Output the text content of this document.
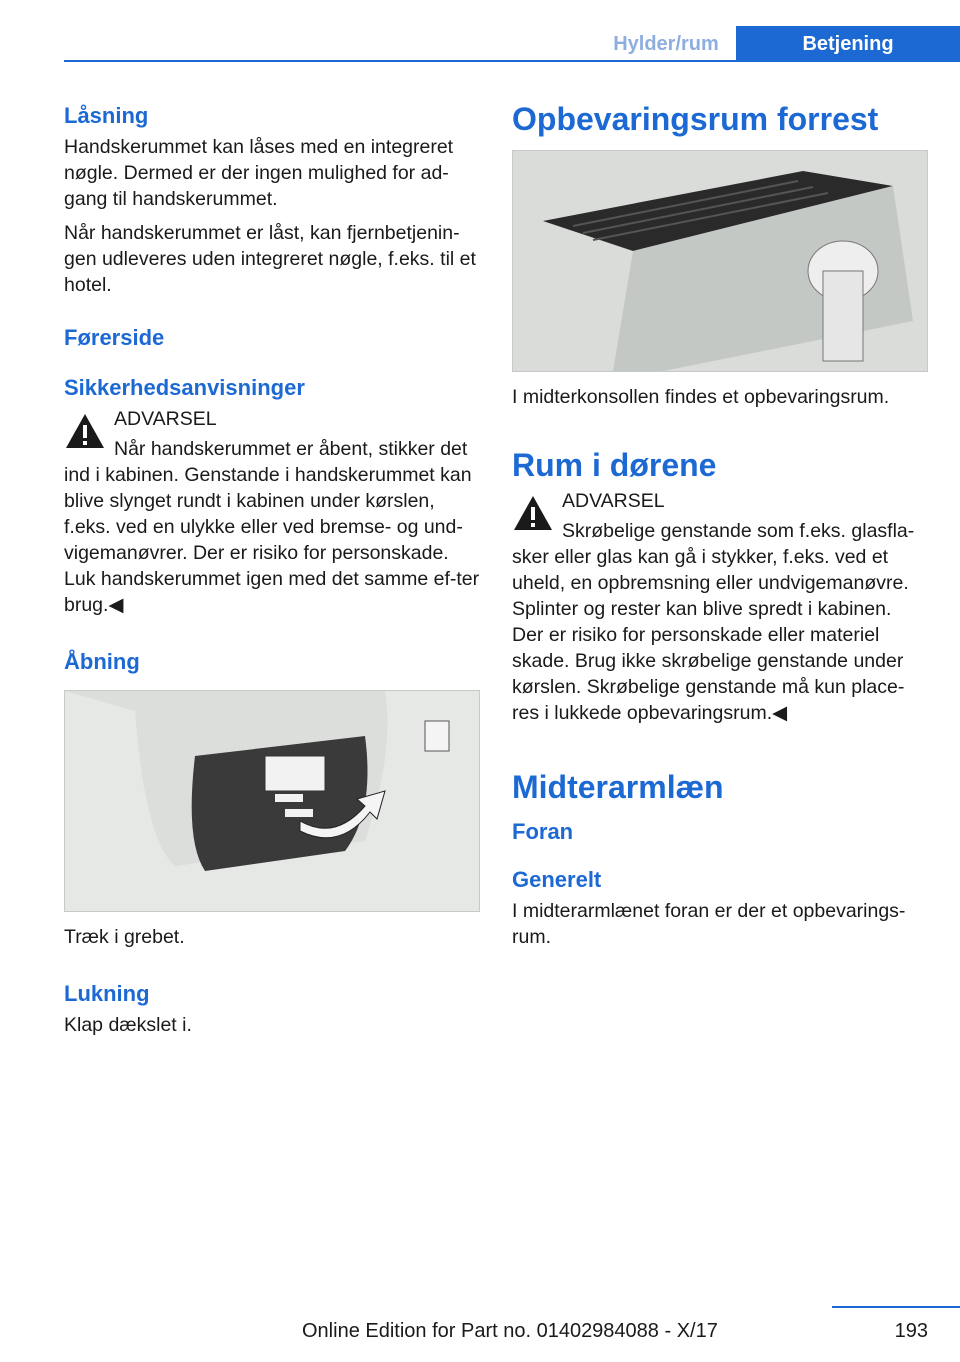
Hylder/rum	Betjening
Låsning

Handskerummet kan låses med en integreret nøgle. Dermed er der ingen mulighed for ad-gang til handskerummet.

Når handskerummet er låst, kan fjernbetjenin-gen udleveres uden integreret nøgle, f.eks. til et hotel.

Førerside
Sikkerhedsanvisninger
ADVARSEL
Når handskerummet er åbent, stikker det ind i kabinen. Genstande i handskerummet kan blive slynget rundt i kabinen under kørslen, f.eks. ved en ulykke eller ved bremse- og und-vigemanøvrer. Der er risiko for personskade. Luk handskerummet igen med det samme ef-ter brug.◀
Åbning

Træk i grebet.

Lukning

Klap dækslet i.

Opbevaringsrum forrest

I midterkonsollen findes et opbevaringsrum.

Rum i dørene
ADVARSEL
Skrøbelige genstande som f.eks. glasfla-sker eller glas kan gå i stykker, f.eks. ved et uheld, en opbremsning eller undvigemanøvre. Splinter og rester kan blive spredt i kabinen. Der er risiko for personskade eller materiel skade. Brug ikke skrøbelige genstande under kørslen. Skrøbelige genstande må kun place-res i lukkede opbevaringsrum.◀
Midterarmlæn
Foran
Generelt

I midterarmlænet foran er der et opbevarings-rum.

193
Online Edition for Part no. 01402984088 - X/17
